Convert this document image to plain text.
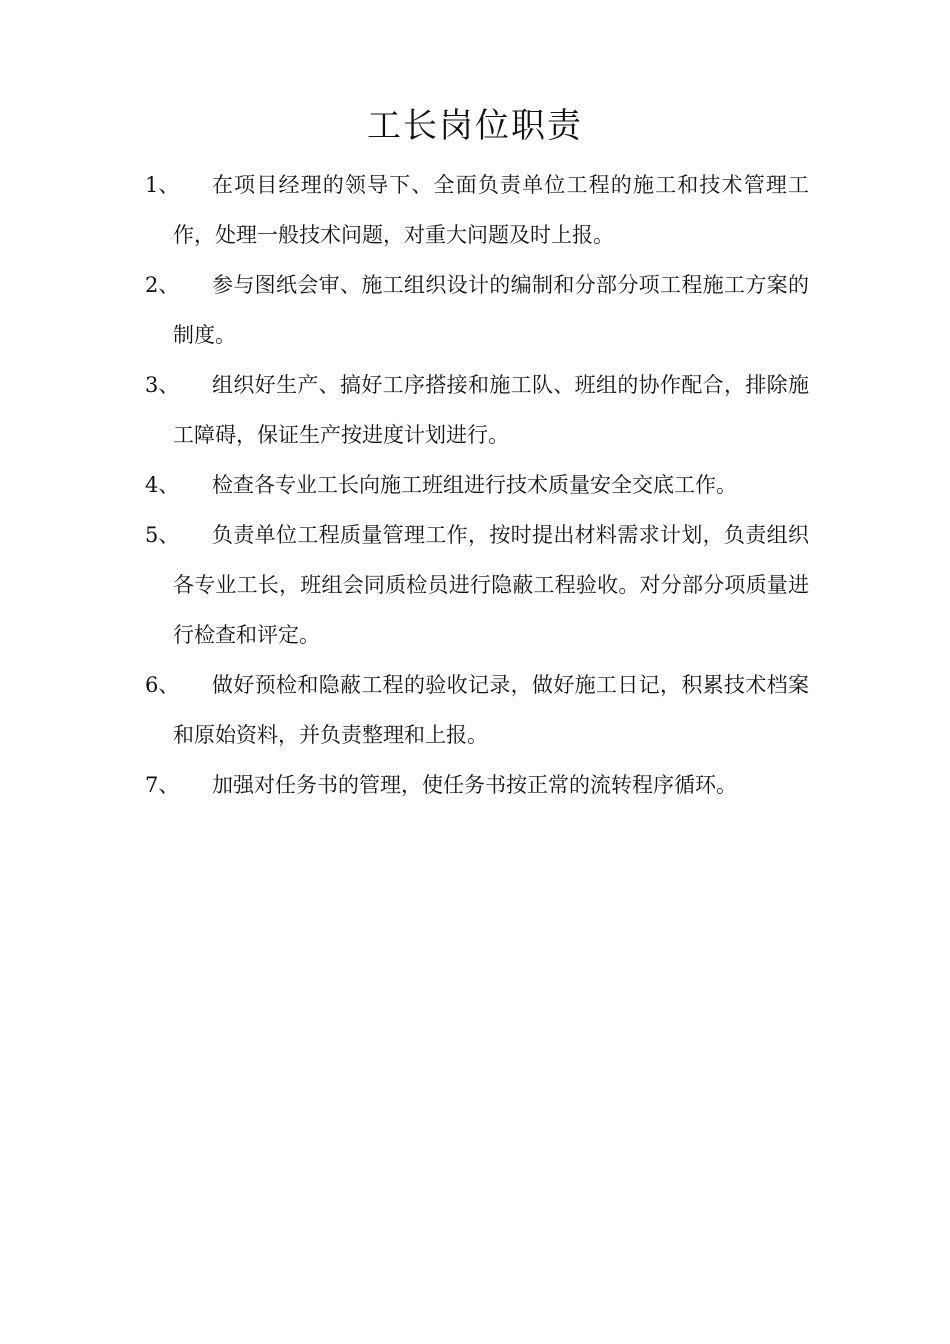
工长岗位职责
1、	在项目经理的领导下、全面负责单位工程的施工和技术管理工作，处理一般技术问题，对重大问题及时上报。
2、	参与图纸会审、施工组织设计的编制和分部分项工程施工方案的制度。
3、	组织好生产、搞好工序搭接和施工队、班组的协作配合，排除施工障碍，保证生产按进度计划进行。
4、	检查各专业工长向施工班组进行技术质量安全交底工作。
5、	负责单位工程质量管理工作，按时提出材料需求计划，负责组织各专业工长，班组会同质检员进行隐蔽工程验收。对分部分项质量进行检查和评定。
6、	做好预检和隐蔽工程的验收记录，做好施工日记，积累技术档案和原始资料，并负责整理和上报。
7、	加强对任务书的管理，使任务书按正常的流转程序循环。
